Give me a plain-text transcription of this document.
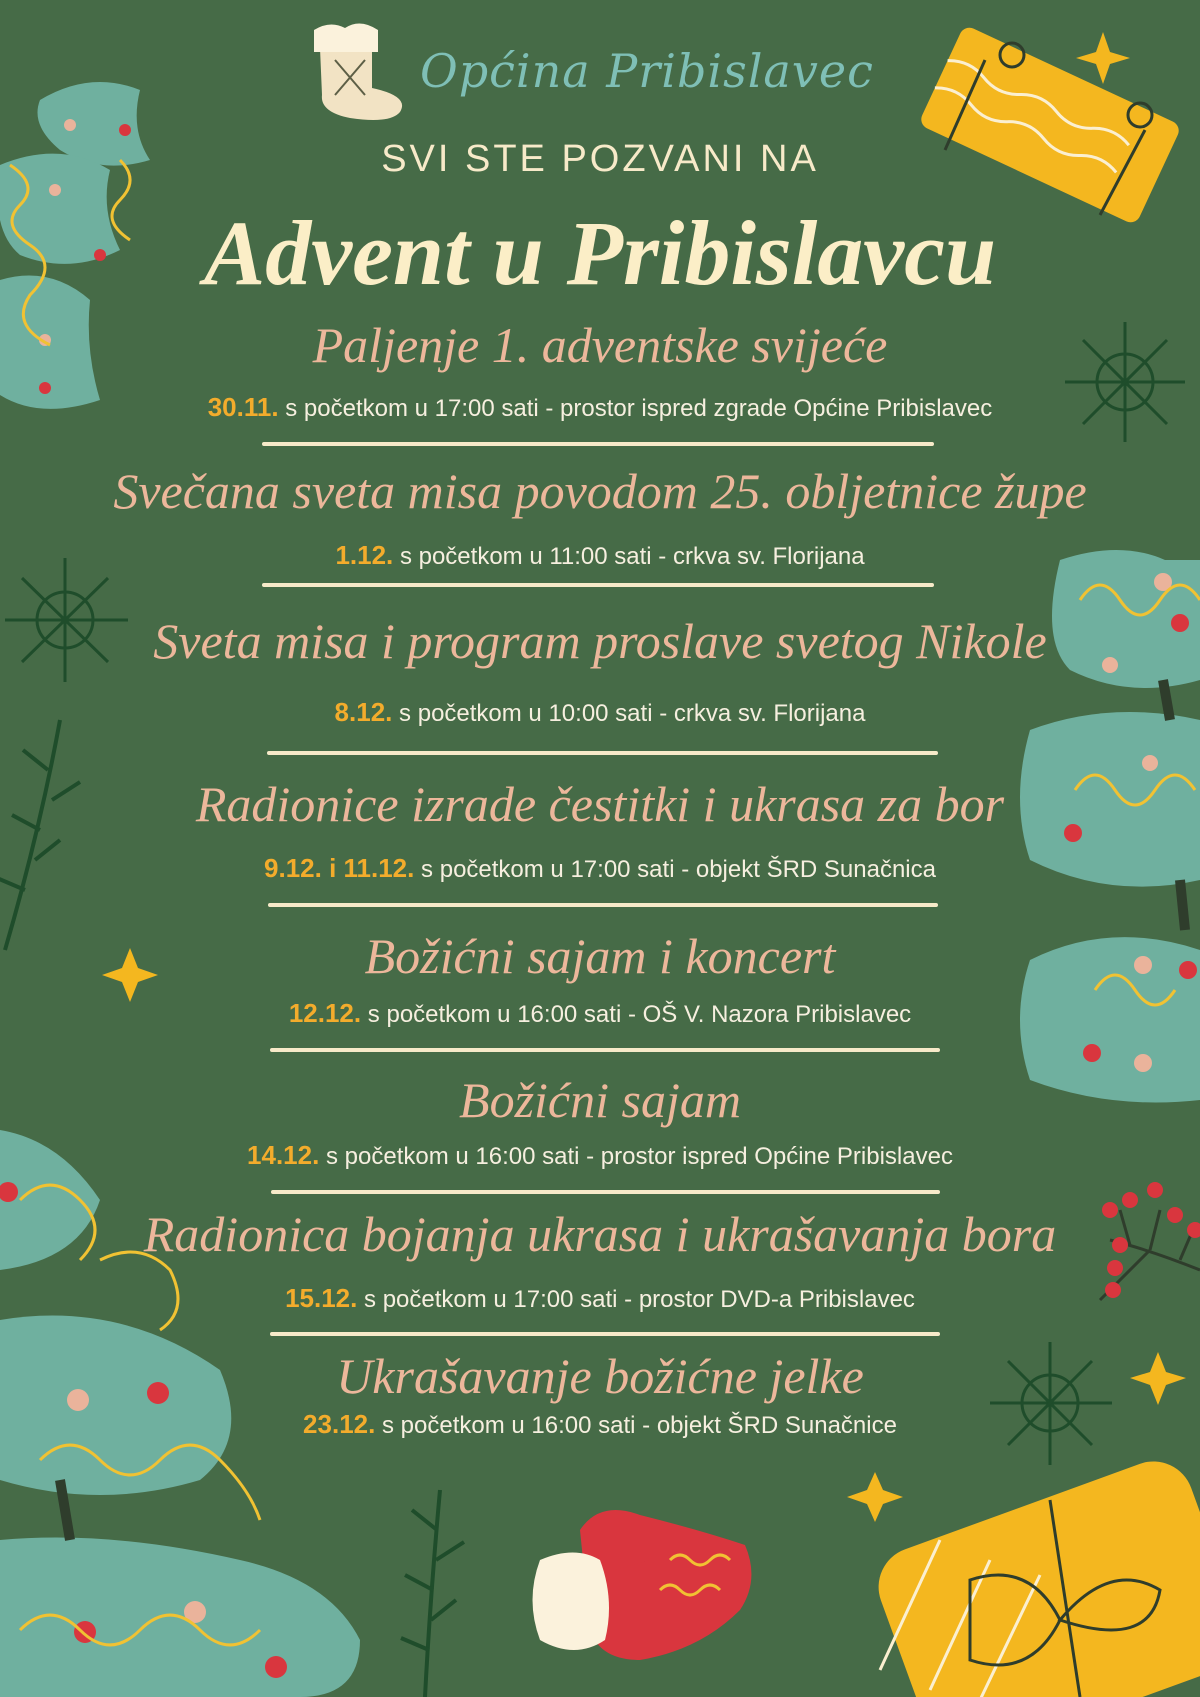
Općina Pribislavec
SVI STE POZVANI NA
Advent u Pribislavcu
Paljenje 1. adventske svijeće
30.11. s početkom u 17:00 sati - prostor ispred zgrade Općine Pribislavec
Svečana sveta misa povodom 25. obljetnice župe
1.12. s početkom u 11:00 sati - crkva sv. Florijana
Sveta misa i program proslave svetog Nikole
8.12. s početkom u 10:00 sati - crkva sv. Florijana
Radionice izrade čestitki i ukrasa za bor
9.12. i 11.12. s početkom u 17:00 sati - objekt ŠRD Sunačnica
Božićni sajam i koncert
12.12. s početkom u 16:00 sati - OŠ V. Nazora Pribislavec
Božićni sajam
14.12. s početkom u 16:00 sati - prostor ispred Općine Pribislavec
Radionica bojanja ukrasa i ukrašavanja bora
15.12. s početkom u 17:00 sati - prostor DVD-a Pribislavec
Ukrašavanje božićne jelke
23.12. s početkom u 16:00 sati - objekt ŠRD Sunačnice
